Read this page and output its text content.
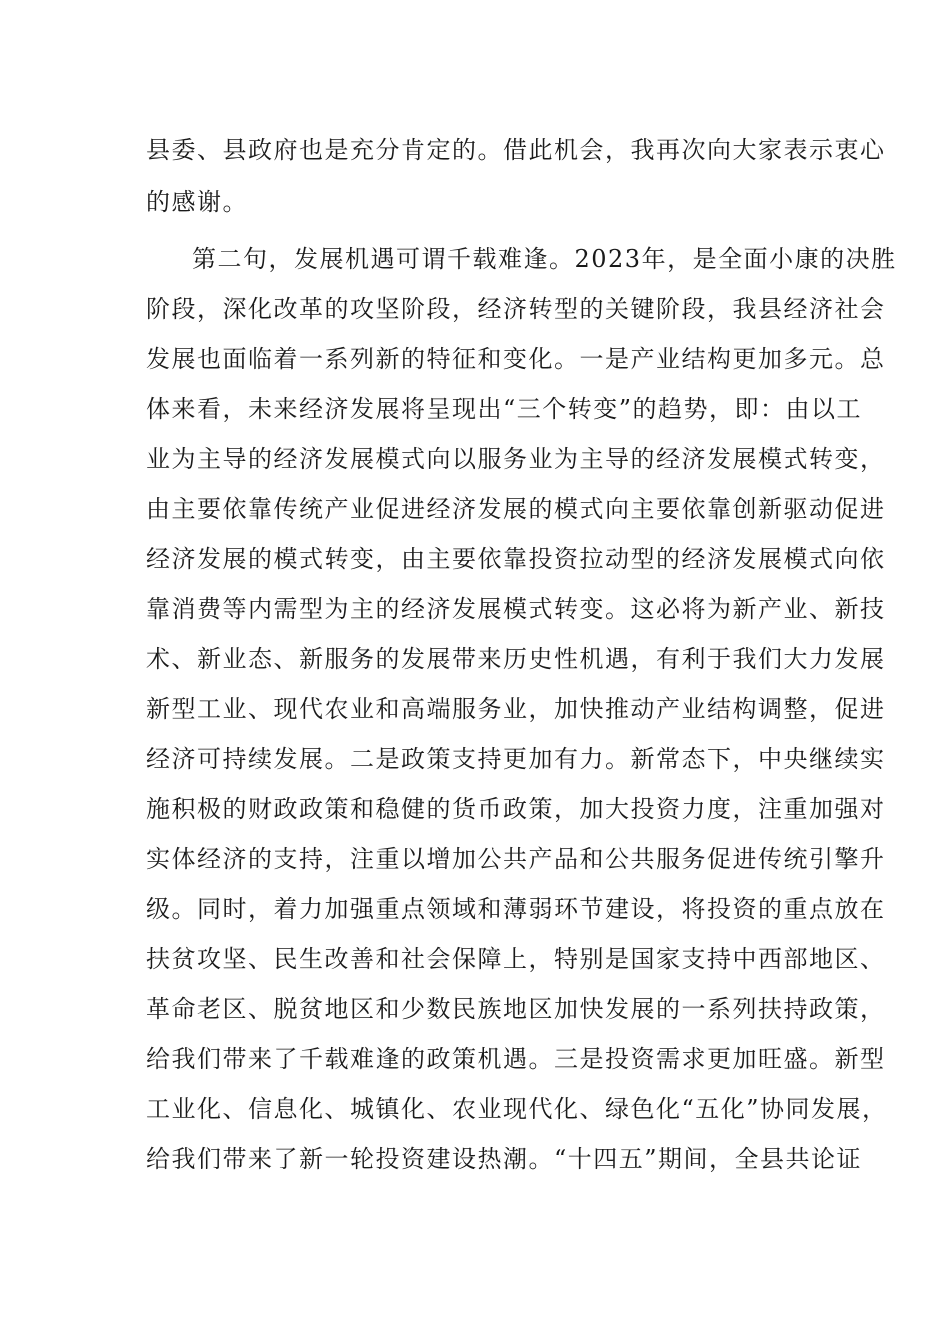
县委、县政府也是充分肯定的。借此机会，我再次向大家表示衷心
的感谢。
第二句，发展机遇可谓千载难逢。2023年，是全面小康的决胜
阶段，深化改革的攻坚阶段，经济转型的关键阶段，我县经济社会
发展也面临着一系列新的特征和变化。一是产业结构更加多元。总
体来看，未来经济发展将呈现出“三个转变”的趋势，即：由以工
业为主导的经济发展模式向以服务业为主导的经济发展模式转变，
由主要依靠传统产业促进经济发展的模式向主要依靠创新驱动促进
经济发展的模式转变，由主要依靠投资拉动型的经济发展模式向依
靠消费等内需型为主的经济发展模式转变。这必将为新产业、新技
术、新业态、新服务的发展带来历史性机遇，有利于我们大力发展
新型工业、现代农业和高端服务业，加快推动产业结构调整，促进
经济可持续发展。二是政策支持更加有力。新常态下，中央继续实
施积极的财政政策和稳健的货币政策，加大投资力度，注重加强对
实体经济的支持，注重以增加公共产品和公共服务促进传统引擎升
级。同时，着力加强重点领域和薄弱环节建设，将投资的重点放在
扶贫攻坚、民生改善和社会保障上，特别是国家支持中西部地区、
革命老区、脱贫地区和少数民族地区加快发展的一系列扶持政策，
给我们带来了千载难逢的政策机遇。三是投资需求更加旺盛。新型
工业化、信息化、城镇化、农业现代化、绿色化“五化”协同发展，
给我们带来了新一轮投资建设热潮。“十四五”期间，全县共论证
